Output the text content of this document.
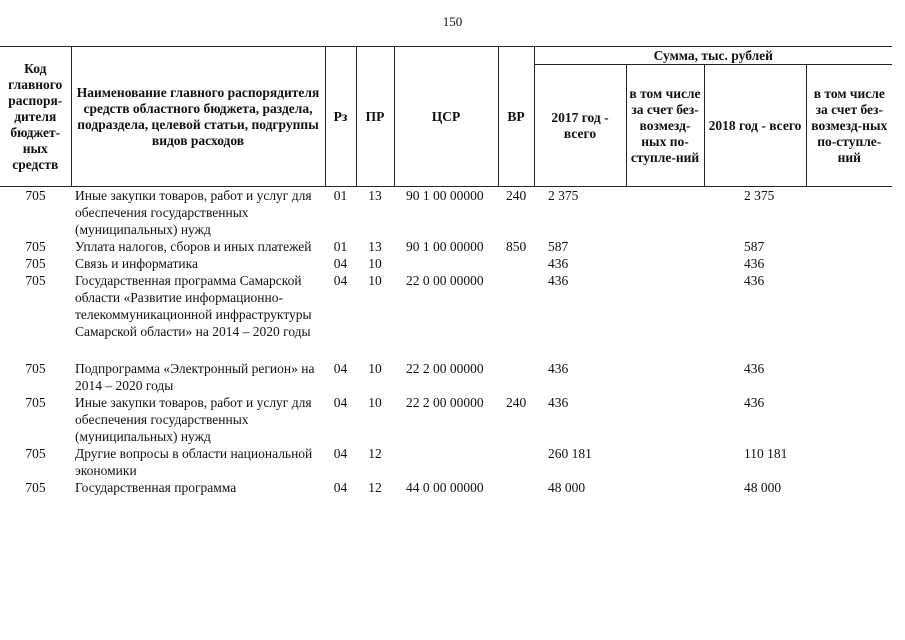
150
Код главного распоря-дителя бюджет-ных средств	Наименование главного распорядителя средств областного бюджета, раздела, подраздела, целевой статьи, подгруппы видов расходов	Рз	ПР	ЦСР	ВР	Сумма, тыс. рублей			
						2017 год - всего	в том числе за счет без-возмезд-ных по-ступле-ний	2018 год - всего	в том числе за счет без-возмезд-ных по-ступле-ний
705	Иные закупки товаров, работ и услуг для обеспечения государственных (муниципальных) нужд	01	13	90 1 00 00000	240	2 375		2 375	
705	Уплата налогов, сборов и иных платежей	01	13	90 1 00 00000	850	587		587	
705	Связь и информатика	04	10			436		436	
705	Государственная программа Самарской области «Развитие информационно-телекоммуникационной инфраструктуры Самарской области» на 2014 – 2020 годы	04	10	22 0 00 00000		436		436	

705	Подпрограмма «Электронный регион» на 2014 – 2020 годы	04	10	22 2 00 00000		436		436	
705	Иные закупки товаров, работ и услуг для обеспечения государственных (муниципальных) нужд	04	10	22 2 00 00000	240	436		436	
705	Другие вопросы в области национальной экономики	04	12			260 181		110 181	
705	Государственная программа	04	12	44 0 00 00000		48 000		48 000	
